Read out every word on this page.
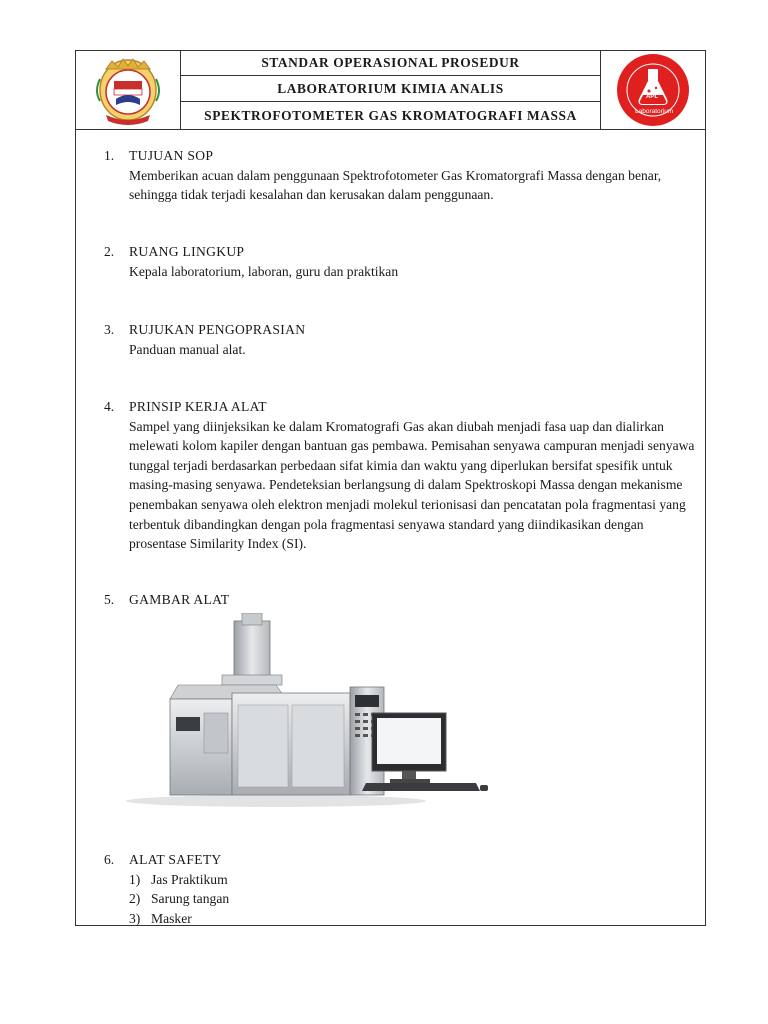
STANDAR OPERASIONAL PROSEDUR
LABORATORIUM KIMIA ANALIS
SPEKTROFOTOMETER GAS KROMATOGRAFI MASSA
APL
Laboratorium
1.	TUJUAN SOP
Memberikan acuan dalam penggunaan Spektrofotometer Gas Kromatorgrafi Massa dengan benar, sehingga tidak terjadi kesalahan dan kerusakan dalam penggunaan.
2.	RUANG LINGKUP
Kepala laboratorium, laboran, guru dan praktikan
3.	RUJUKAN PENGOPRASIAN
Panduan manual alat.
4.	PRINSIP KERJA ALAT
Sampel yang diinjeksikan ke dalam Kromatografi Gas akan diubah menjadi fasa uap dan dialirkan melewati kolom kapiler dengan bantuan gas pembawa. Pemisahan senyawa campuran menjadi senyawa tunggal terjadi berdasarkan perbedaan sifat kimia dan waktu yang diperlukan bersifat spesifik untuk masing-masing senyawa. Pendeteksian berlangsung di dalam Spektroskopi Massa dengan mekanisme penembakan senyawa oleh elektron menjadi molekul terionisasi dan pencatatan pola fragmentasi yang terbentuk dibandingkan dengan pola fragmentasi senyawa standard yang diindikasikan dengan prosentase Similarity Index (SI).
5.	GAMBAR ALAT
6.	ALAT SAFETY
1) Jas Praktikum
2) Sarung tangan
3) Masker
